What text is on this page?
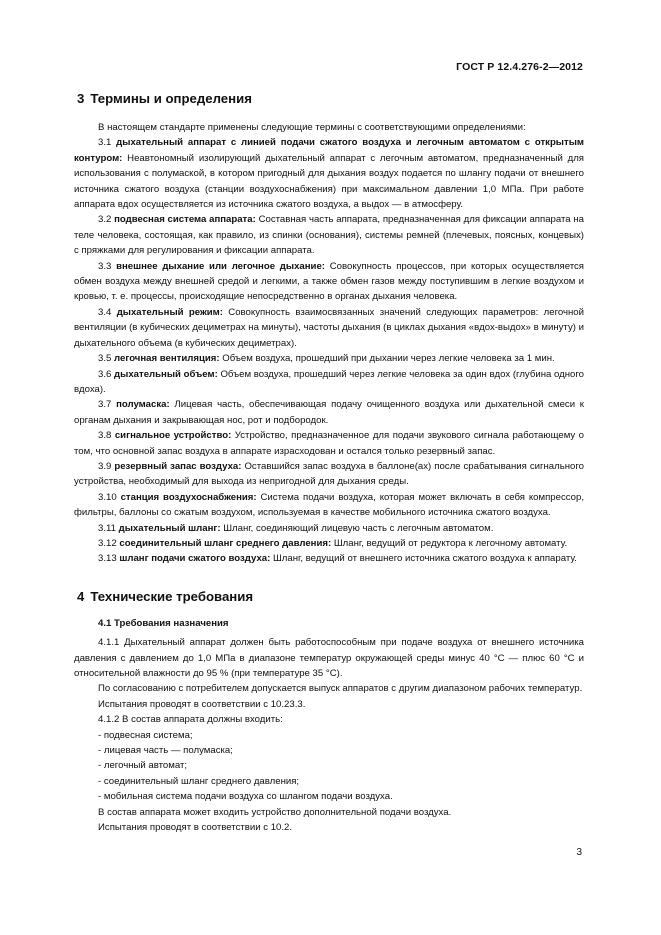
ГОСТ Р 12.4.276-2—2012
3 Термины и определения

В настоящем стандарте применены следующие термины с соответствующими определениями:

3.1 дыхательный аппарат с линией подачи сжатого воздуха и легочным автоматом с открытым контуром: Неавтономный изолирующий дыхательный аппарат с легочным автоматом, предназначенный для использования с полумаской, в котором пригодный для дыхания воздух подается по шлангу подачи от внешнего источника сжатого воздуха (станции воздухоснабжения) при максимальном давлении 1,0 МПа. При работе аппарата вдох осуществляется из источника сжатого воздуха, а выдох — в атмосферу.

3.2 подвесная система аппарата: Составная часть аппарата, предназначенная для фиксации аппарата на теле человека, состоящая, как правило, из спинки (основания), системы ремней (плечевых, поясных, концевых) с пряжками для регулирования и фиксации аппарата.

3.3 внешнее дыхание или легочное дыхание: Совокупность процессов, при которых осуществляется обмен воздуха между внешней средой и легкими, а также обмен газов между поступившим в легкие воздухом и кровью, т. е. процессы, происходящие непосредственно в органах дыхания человека.

3.4 дыхательный режим: Совокупность взаимосвязанных значений следующих параметров: легочной вентиляции (в кубических дециметрах на минуты), частоты дыхания (в циклах дыхания «вдох-выдох» в минуту) и дыхательного объема (в кубических дециметрах).

3.5 легочная вентиляция: Объем воздуха, прошедший при дыхании через легкие человека за 1 мин.

3.6 дыхательный объем: Объем воздуха, прошедший через легкие человека за один вдох (глубина одного вдоха).

3.7 полумаска: Лицевая часть, обеспечивающая подачу очищенного воздуха или дыхательной смеси к органам дыхания и закрывающая нос, рот и подбородок.

3.8 сигнальное устройство: Устройство, предназначенное для подачи звукового сигнала работающему о том, что основной запас воздуха в аппарате израсходован и остался только резервный запас.

3.9 резервный запас воздуха: Оставшийся запас воздуха в баллоне(ах) после срабатывания сигнального устройства, необходимый для выхода из непригодной для дыхания среды.

3.10 станция воздухоснабжения: Система подачи воздуха, которая может включать в себя компрессор, фильтры, баллоны со сжатым воздухом, используемая в качестве мобильного источника сжатого воздуха.

3.11 дыхательный шланг: Шланг, соединяющий лицевую часть с легочным автоматом.

3.12 соединительный шланг среднего давления: Шланг, ведущий от редуктора к легочному автомату.

3.13 шланг подачи сжатого воздуха: Шланг, ведущий от внешнего источника сжатого воздуха к аппарату.

4 Технические требования

4.1 Требования назначения

4.1.1 Дыхательный аппарат должен быть работоспособным при подаче воздуха от внешнего источника давления с давлением до 1,0 МПа в диапазоне температур окружающей среды минус 40 °С — плюс 60 °С и относительной влажности до 95 % (при температуре 35 °С).

По согласованию с потребителем допускается выпуск аппаратов с другим диапазоном рабочих температур.

Испытания проводят в соответствии с 10.23.3.

4.1.2 В состав аппарата должны входить:

- подвесная система;

- лицевая часть — полумаска;

- легочный автомат;

- соединительный шланг среднего давления;

- мобильная система подачи воздуха со шлангом подачи воздуха.

В состав аппарата может входить устройство дополнительной подачи воздуха.

Испытания проводят в соответствии с 10.2.

3
